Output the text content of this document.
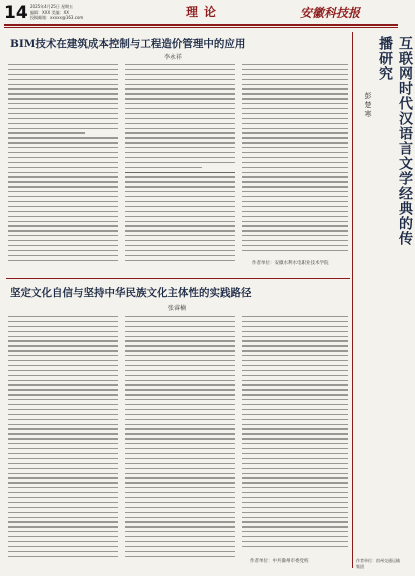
14 2025年4月25日 星期五
编辑：XXX 美编：XX
投稿邮箱：xxxxx@163.com	理论	安徽科技报
BIM技术在建筑成本控制与工程造价管理中的应用
李永祥
作者单位：安徽水利水电职业技术学院
坚定文化自信与坚持中华民族文化主体性的实践路径
张睿楠
作者单位：中共滁州市委党校
互联网时代汉语言文学经典的传播研究
彭楚寒
作者单位：宿州交通运输集团
